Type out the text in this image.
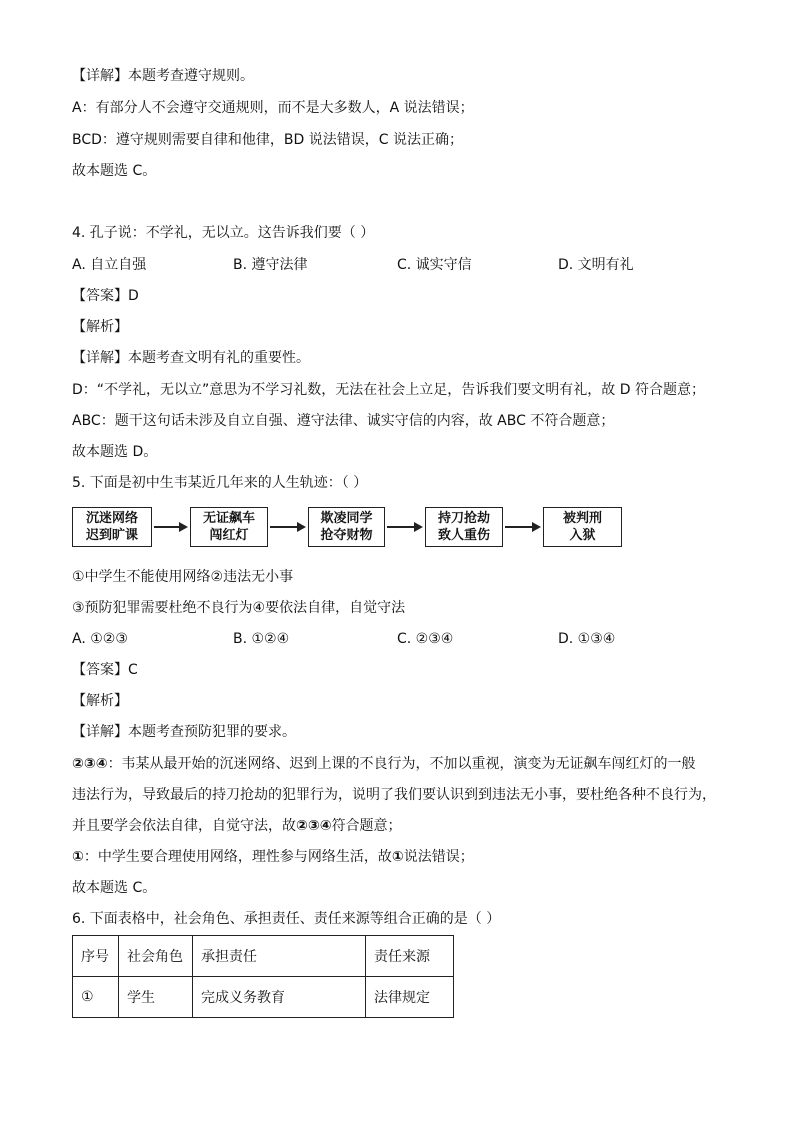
【详解】本题考查遵守规则。
A：有部分人不会遵守交通规则，而不是大多数人，A 说法错误；
BCD：遵守规则需要自律和他律，BD 说法错误，C 说法正确；
故本题选 C。
4. 孔子说：不学礼，无以立。这告诉我们要（ ）
A. 自立自强	B. 遵守法律	C. 诚实守信	D. 文明有礼
【答案】D
【解析】
【详解】本题考查文明有礼的重要性。
D：“不学礼，无以立”意思为不学习礼数，无法在社会上立足，告诉我们要文明有礼，故 D 符合题意；
ABC：题干这句话未涉及自立自强、遵守法律、诚实守信的内容，故 ABC 不符合题意；
故本题选 D。
5. 下面是初中生韦某近几年来的人生轨迹：（ ）
沉迷网络
迟到旷课
无证飙车
闯红灯
欺凌同学
抢夺财物
持刀抢劫
致人重伤
被判刑
入狱
①中学生不能使用网络②违法无小事
③预防犯罪需要杜绝不良行为④要依法自律，自觉守法
A. ①②③	B. ①②④	C. ②③④	D. ①③④
【答案】C
【解析】
【详解】本题考查预防犯罪的要求。
②③④：韦某从最开始的沉迷网络、迟到上课的不良行为，不加以重视，演变为无证飙车闯红灯的一般
违法行为，导致最后的持刀抢劫的犯罪行为，说明了我们要认识到到违法无小事，要杜绝各种不良行为，
并且要学会依法自律，自觉守法，故②③④符合题意；
①：中学生要合理使用网络，理性参与网络生活，故①说法错误；
故本题选 C。
6. 下面表格中，社会角色、承担责任、责任来源等组合正确的是（ ）
序号	社会角色	承担责任	责任来源
①	学生	完成义务教育	法律规定
